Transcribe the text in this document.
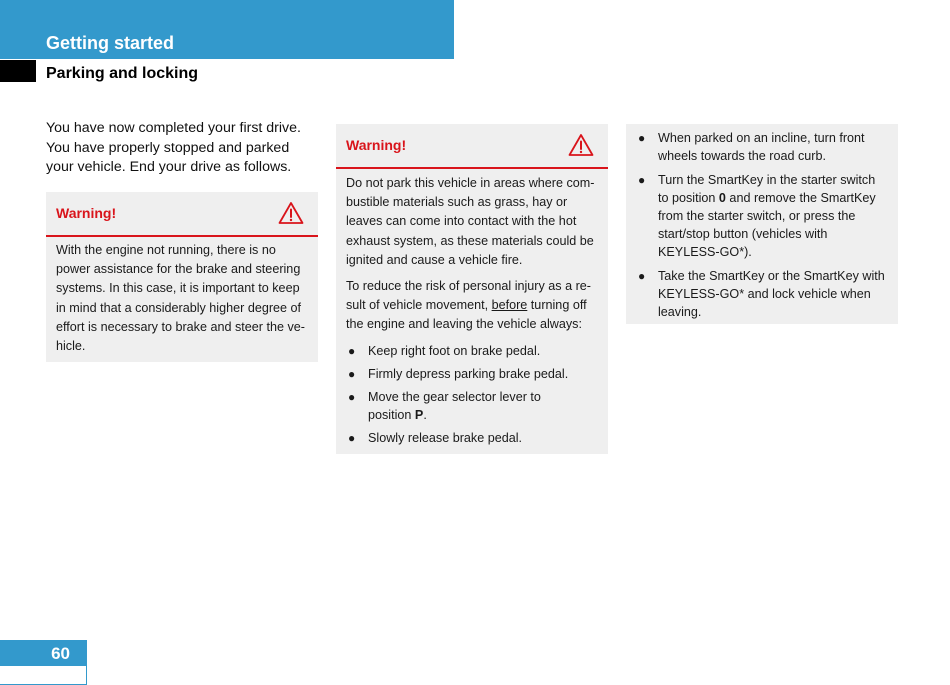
Getting started
Parking and locking
You have now completed your first drive.
You have properly stopped and parked
your vehicle. End your drive as follows.
Warning!
With the engine not running, there is no
power assistance for the brake and steering
systems. In this case, it is important to keep
in mind that a considerably higher degree of
effort is necessary to brake and steer the ve-
hicle.
Warning!
Do not park this vehicle in areas where com-
bustible materials such as grass, hay or
leaves can come into contact with the hot
exhaust system, as these materials could be
ignited and cause a vehicle fire.
To reduce the risk of personal injury as a re-
sult of vehicle movement, before turning off
the engine and leaving the vehicle always:
● Keep right foot on brake pedal.
● Firmly depress parking brake pedal.
● Move the gear selector lever to
position P.
● Slowly release brake pedal.
● When parked on an incline, turn front
wheels towards the road curb.
● Turn the SmartKey in the starter switch
to position 0 and remove the SmartKey
from the starter switch, or press the
start/stop button (vehicles with
KEYLESS-GO*).
● Take the SmartKey or the SmartKey with
KEYLESS-GO* and lock vehicle when
leaving.
60
